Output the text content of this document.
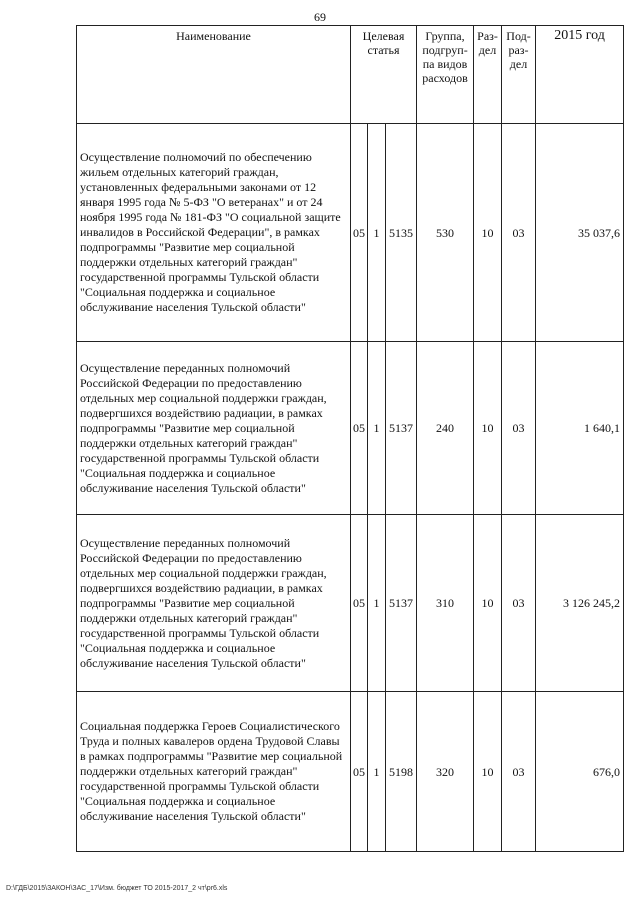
69
Наименование	Целевая статья			Группа, подгруп-па видов расходов	Раз-дел	Под-раз-дел	2015 год
Осуществление полномочий по обеспечению жильем отдельных категорий граждан, установленных федеральными законами от 12 января 1995 года № 5-ФЗ "О ветеранах" и от 24 ноября 1995 года № 181-ФЗ "О социальной защите инвалидов в Российской Федерации", в рамках подпрограммы "Развитие мер социальной поддержки отдельных категорий граждан" государственной программы Тульской области "Социальная поддержка и социальное обслуживание населения Тульской области"	05	1	5135	530	10	03	35 037,6
Осуществление переданных полномочий Российской Федерации по предоставлению отдельных мер социальной поддержки граждан, подвергшихся воздействию радиации, в рамках подпрограммы "Развитие мер социальной поддержки отдельных категорий граждан" государственной программы Тульской области "Социальная поддержка и социальное обслуживание населения Тульской области"	05	1	5137	240	10	03	1 640,1
Осуществление переданных полномочий Российской Федерации по предоставлению отдельных мер социальной поддержки граждан, подвергшихся воздействию радиации, в рамках подпрограммы "Развитие мер социальной поддержки отдельных категорий граждан" государственной программы Тульской области "Социальная поддержка и социальное обслуживание населения Тульской области"	05	1	5137	310	10	03	3 126 245,2
Социальная поддержка Героев Социалистического Труда и полных кавалеров ордена Трудовой Славы в рамках подпрограммы "Развитие мер социальной поддержки отдельных категорий граждан" государственной программы Тульской области "Социальная поддержка и социальное обслуживание населения Тульской области"	05	1	5198	320	10	03	676,0
D:\ГДБ\2015\ЗАКОН\ЗАС_17\Изм. бюджет ТО 2015-2017_2 чт\pr6.xls
